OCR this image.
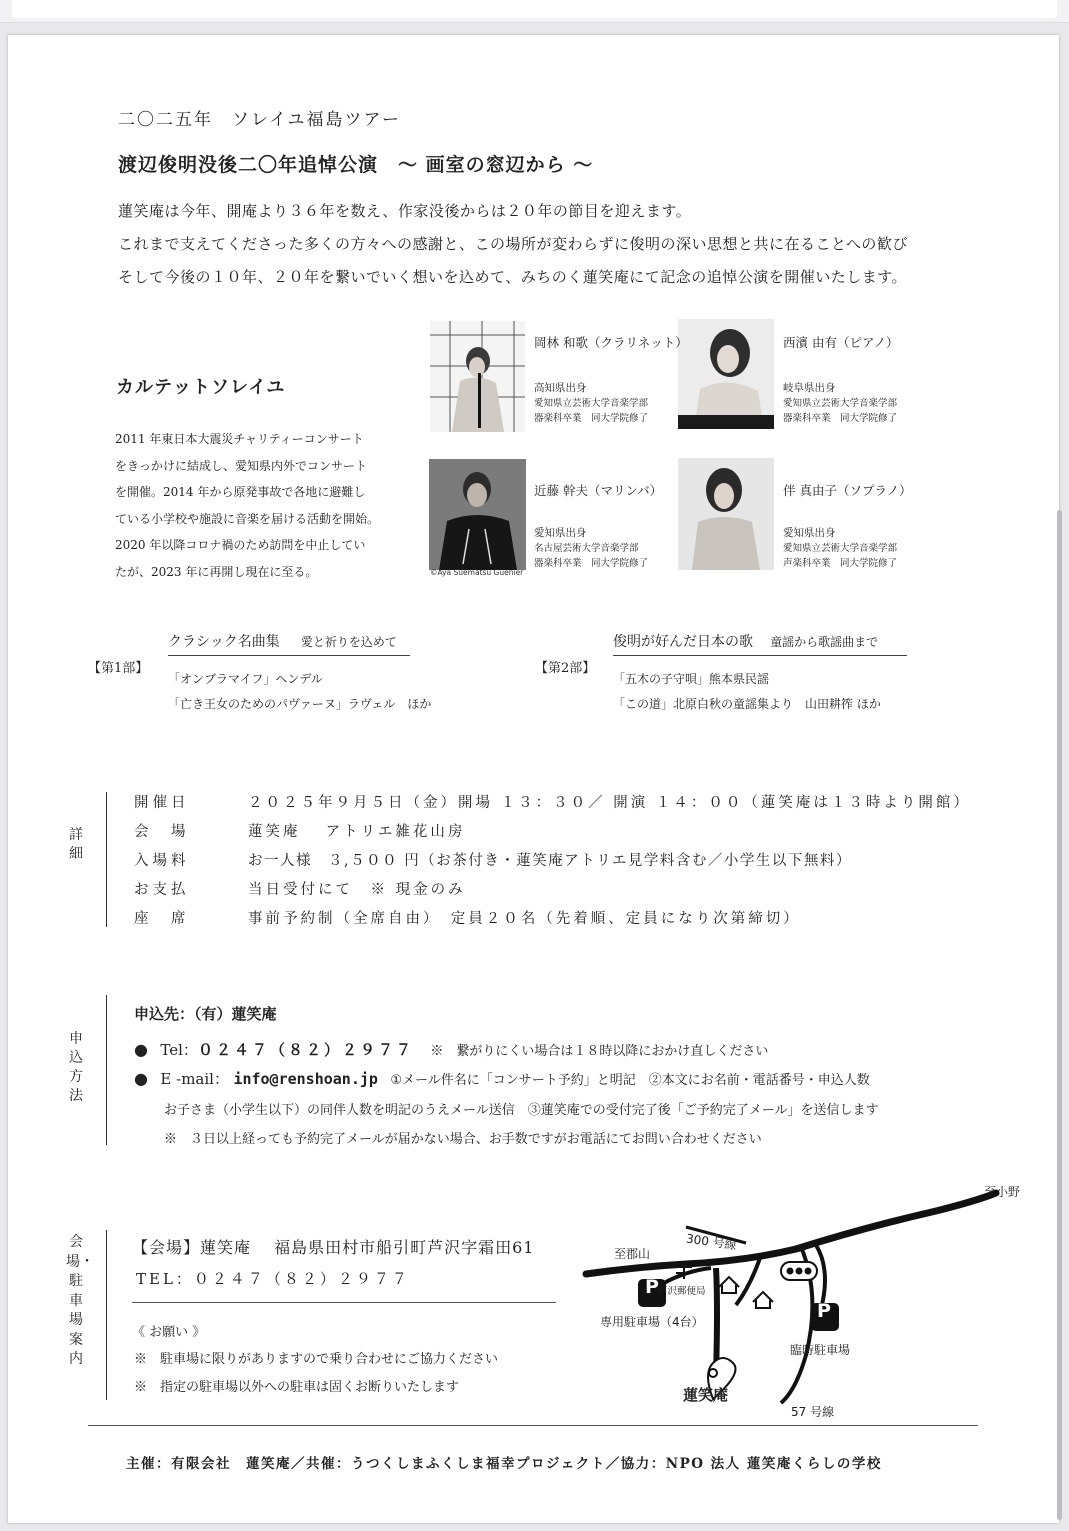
二〇二五年　ソレイユ福島ツアー
渡辺俊明没後二〇年追悼公演　～ 画室の窓辺から ～
蓮笑庵は今年、開庵より３６年を数え、作家没後からは２０年の節目を迎えます。
これまで支えてくださった多くの方々への感謝と、この場所が変わらずに俊明の深い思想と共に在ることへの歓び
そして今後の１０年、２０年を繋いでいく想いを込めて、みちのく蓮笑庵にて記念の追悼公演を開催いたします。
カルテットソレイユ
2011 年東日本大震災チャリティーコンサート
をきっかけに結成し、愛知県内外でコンサート
を開催。2014 年から原発事故で各地に避難し
ている小学校や施設に音楽を届ける活動を開始。
2020 年以降コロナ禍のため訪問を中止してい
たが、2023 年に再開し現在に至る。	©Aya Suematsu Guenier
岡林 和歌（クラリネット）
高知県出身
愛知県立芸術大学音楽学部
器楽科卒業　同大学院修了
西濱 由有（ピアノ）
岐阜県出身
愛知県立芸術大学音楽学部
器楽科卒業　同大学院修了
近藤 幹夫（マリンバ）
愛知県出身
名古屋芸術大学音楽学部
器楽科卒業　同大学院修了
伴 真由子（ソプラノ）
愛知県出身
愛知県立芸術大学音楽学部
声楽科卒業　同大学院修了
【第1部】
クラシック名曲集 愛と祈りを込めて
「オンブラマイフ」ヘンデル
「亡き王女のためのパヴァーヌ」ラヴェル　ほか
【第2部】
俊明が好んだ日本の歌 童謡から歌謡曲まで
「五木の子守唄」熊本県民謡
「この道」北原白秋の童謡集より　山田耕筰 ほか
詳細
開催日	２０２５年９月５日（金）開場 １３：３０／ 開演 １４：００（蓮笑庵は１３時より開館）
会　場	蓮笑庵　 アトリエ雑花山房
入場料	お一人様　３,５００ 円（お茶付き・蓮笑庵アトリエ見学料含む／小学生以下無料）
お支払	当日受付にて　※ 現金のみ
座　席	事前予約制（全席自由）　定員２０名（先着順、定員になり次第締切）
申込方法
申込先：（有）蓮笑庵
● Tel：０２４７（８２）２９７７ ※　繋がりにくい場合は１８時以降におかけ直しください
● E -mail： info@renshoan.jp ①メール件名に「コンサート予約」と明記　②本文にお名前・電話番号・申込人数
お子さま（小学生以下）の同伴人数を明記のうえメール送信　③蓮笑庵での受付完了後「ご予約完了メール」を送信します
※　３日以上経っても予約完了メールが届かない場合、お手数ですがお電話にてお問い合わせください
会場・駐車場案内
【会場】蓮笑庵　 福島県田村市船引町芦沢字霜田61
TEL：０２４７（８２）２９７７
《 お願い 》
※　駐車場に限りがありますので乗り合わせにご協力ください
※　指定の駐車場以外への駐車は固くお断りいたします
至郡山
300 号線
至小野
芦沢郵便局
専用駐車場（4台）	P
P
臨時駐車場
57 号線
蓮笑庵
主催：有限会社　蓮笑庵／共催：うつくしまふくしま福幸プロジェクト／協力：NPO 法人 蓮笑庵くらしの学校
